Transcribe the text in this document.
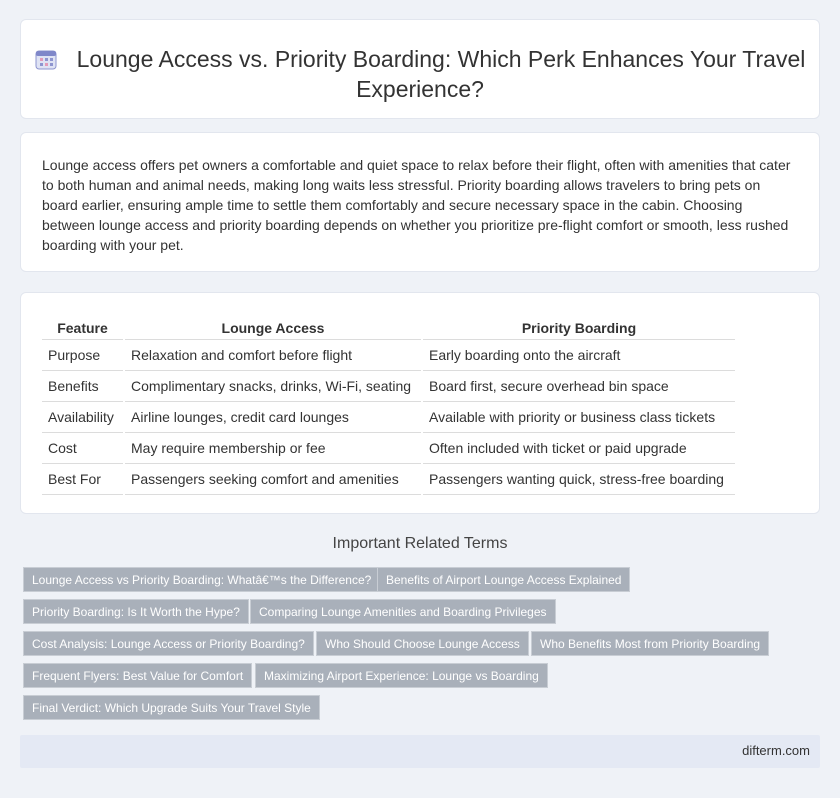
Lounge Access vs. Priority Boarding: Which Perk Enhances Your Travel Experience?

Lounge access offers pet owners a comfortable and quiet space to relax before their flight, often with amenities that cater to both human and animal needs, making long waits less stressful. Priority boarding allows travelers to bring pets on board earlier, ensuring ample time to settle them comfortably and secure necessary space in the cabin. Choosing between lounge access and priority boarding depends on whether you prioritize pre-flight comfort or smooth, less rushed boarding with your pet.

Feature	Lounge Access	Priority Boarding
Purpose	Relaxation and comfort before flight	Early boarding onto the aircraft
Benefits	Complimentary snacks, drinks, Wi-Fi, seating	Board first, secure overhead bin space
Availability	Airline lounges, credit card lounges	Available with priority or business class tickets
Cost	May require membership or fee	Often included with ticket or paid upgrade
Best For	Passengers seeking comfort and amenities	Passengers wanting quick, stress-free boarding
Important Related Terms
Lounge Access vs Priority Boarding: Whatâ€™s the Difference?	Benefits of Airport Lounge Access Explained
Priority Boarding: Is It Worth the Hype?	Comparing Lounge Amenities and Boarding Privileges
Cost Analysis: Lounge Access or Priority Boarding?	Who Should Choose Lounge Access	Who Benefits Most from Priority Boarding
Frequent Flyers: Best Value for Comfort	Maximizing Airport Experience: Lounge vs Boarding
Final Verdict: Which Upgrade Suits Your Travel Style
difterm.com
